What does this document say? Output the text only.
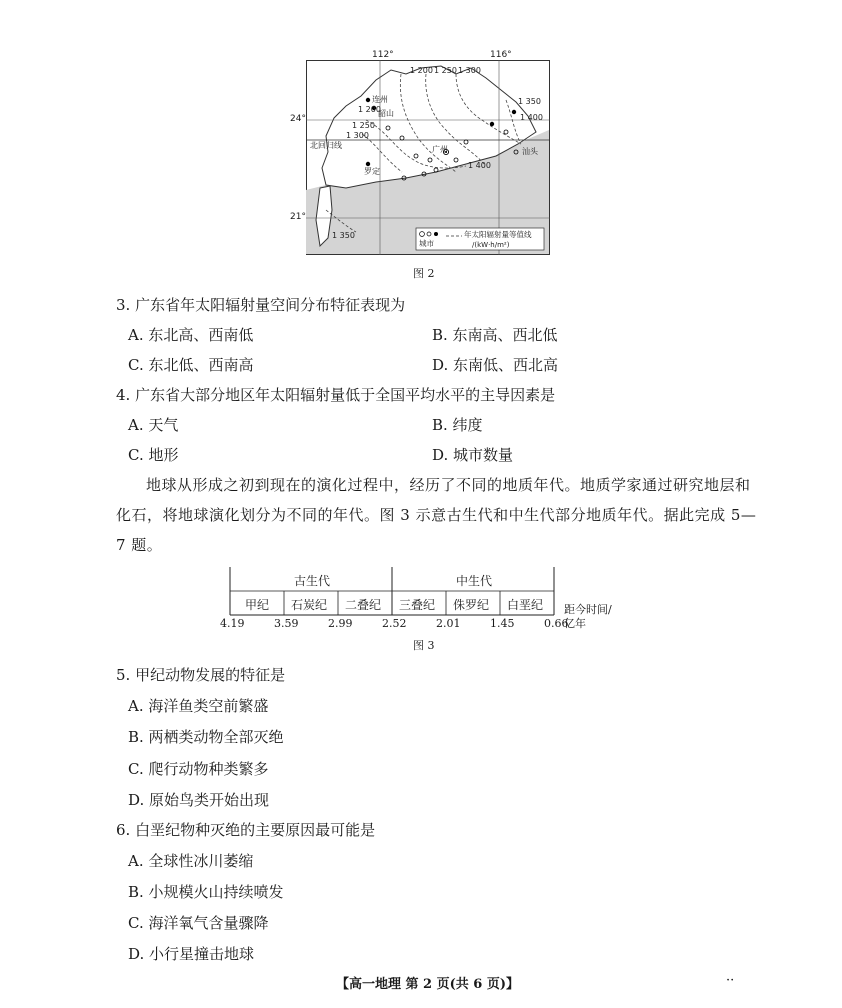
1 200 1 250 1 300
1 200
1 250
1 300
1 350
1 400
1 400
1 350
连州
韶山
北回归线	广州
罗定
汕头
城市
年太阳辐射量等值线
/(kW·h/m²)
112°	116°
24°
21°
图 2
3. 广东省年太阳辐射量空间分布特征表现为
A. 东北高、西南低	B. 东南高、西北低
C. 东北低、西南高	D. 东南低、西北高
4. 广东省大部分地区年太阳辐射量低于全国平均水平的主导因素是
A. 天气	B. 纬度
C. 地形	D. 城市数量
地球从形成之初到现在的演化过程中，经历了不同的地质年代。地质学家通过研究地层和
化石，将地球演化划分为不同的年代。图 3 示意古生代和中生代部分地质年代。据此完成 5—
7 题。
古生代	中生代
甲纪 石炭纪 二叠纪 三叠纪 侏罗纪 白垩纪
4.19	3.59	2.99	2.52	2.01	1.45	0.66
距今时间/
亿年
图 3
5. 甲纪动物发展的特征是
A. 海洋鱼类空前繁盛
B. 两栖类动物全部灭绝
C. 爬行动物种类繁多
D. 原始鸟类开始出现
6. 白垩纪物种灭绝的主要原因最可能是
A. 全球性冰川萎缩
B. 小规模火山持续喷发
C. 海洋氧气含量骤降
D. 小行星撞击地球
【高一地理 第 2 页(共 6 页)】	··
